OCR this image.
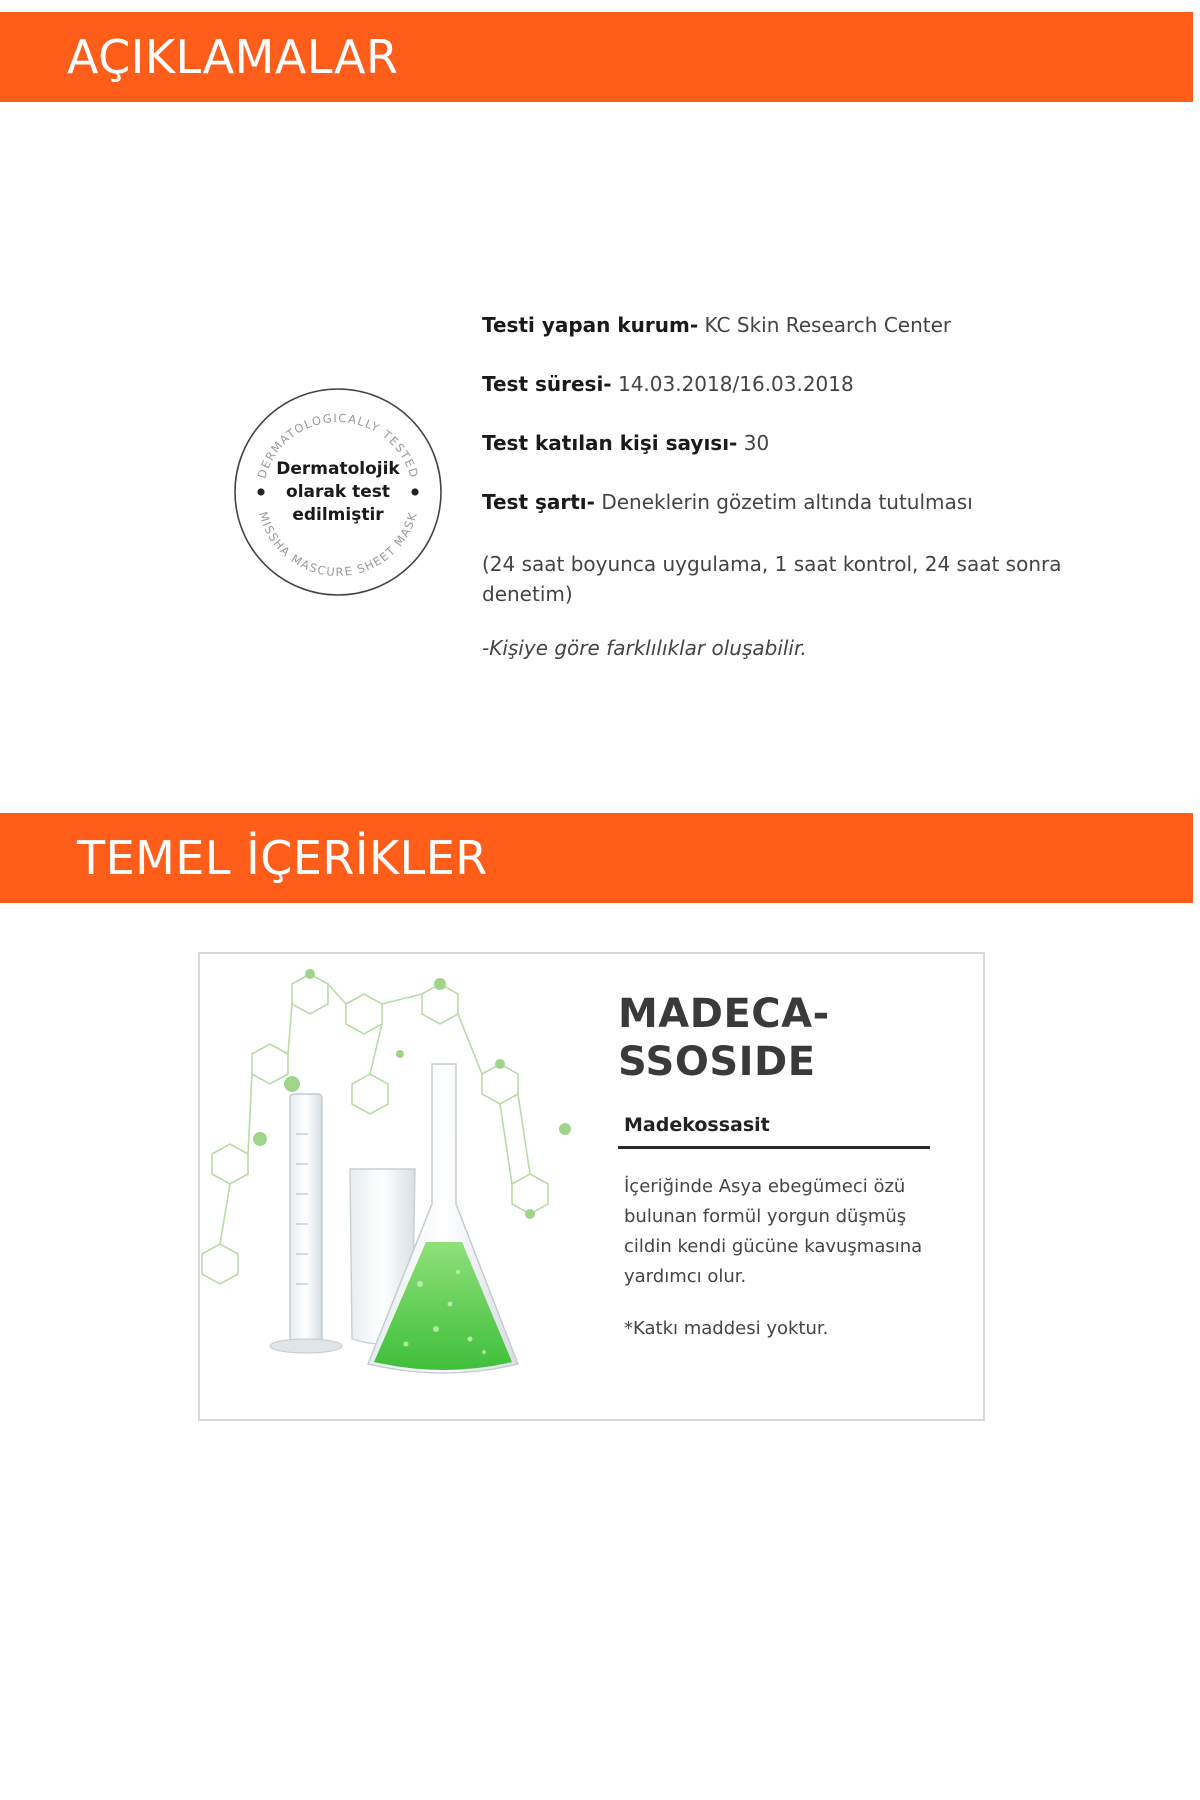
AÇIKLAMALAR
DERMATOLOGICALLY TESTED
MISSHA MASCURE SHEET MASK
Dermatolojik
olarak test
edilmiştir

Testi yapan kurum- KC Skin Research Center

Test süresi- 14.03.2018/16.03.2018

Test katılan kişi sayısı- 30

Test şartı- Deneklerin gözetim altında tutulması

(24 saat boyunca uygulama, 1 saat kontrol, 24 saat sonra denetim)

-Kişiye göre farklılıklar oluşabilir.

TEMEL İÇERİKLER
MADECA-
SSOSIDE
Madekossasit
İçeriğinde Asya ebegümeci özü bulunan formül yorgun düşmüş cildin kendi gücüne kavuşmasına yardımcı olur.
*Katkı maddesi yoktur.
